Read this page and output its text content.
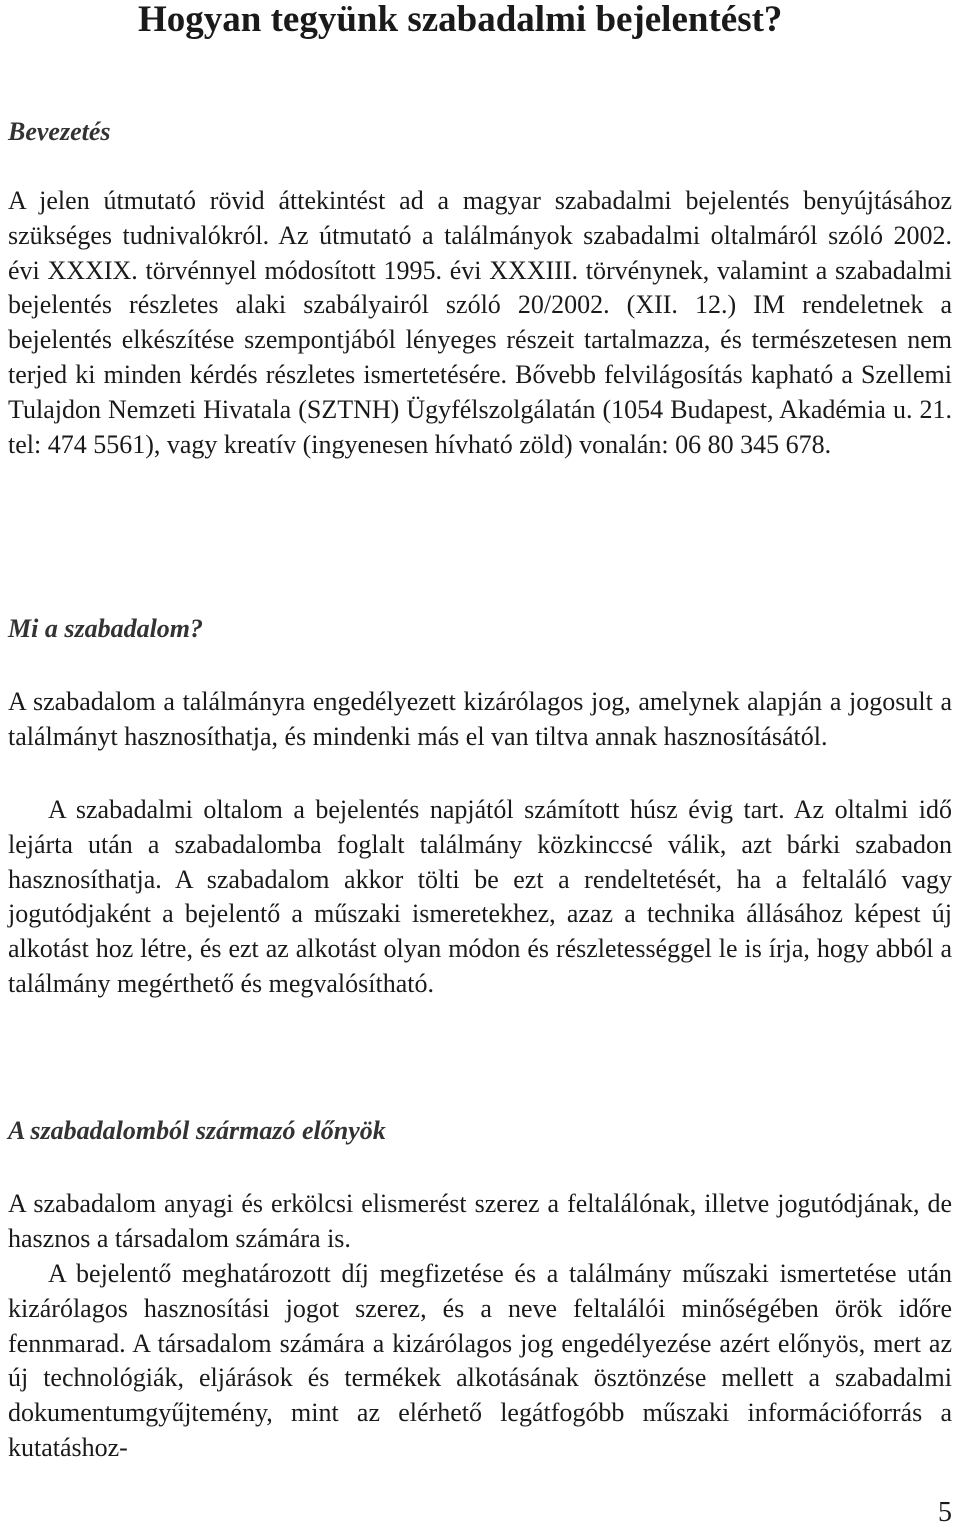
Hogyan tegyünk szabadalmi bejelentést?
Bevezetés

A jelen útmutató rövid áttekintést ad a magyar szabadalmi bejelentés benyújtásához szükséges tudnivalókról. Az útmutató a találmányok szabadalmi oltalmáról szóló 2002. évi XXXIX. törvénnyel módosított 1995. évi XXXIII. törvénynek, valamint a szabadalmi bejelentés részletes alaki szabályairól szóló 20/2002. (XII. 12.) IM rendeletnek a bejelentés elkészítése szempontjából lényeges részeit tartalmazza, és természetesen nem terjed ki minden kérdés részletes ismertetésére. Bővebb felvilágosítás kapható a Szellemi Tulajdon Nemzeti Hivatala (SZTNH) Ügyfélszolgálatán (1054 Budapest, Akadémia u. 21. tel: 474 5561), vagy kreatív (ingyenesen hívható zöld) vonalán: 06 80 345 678.

Mi a szabadalom?

A szabadalom a találmányra engedélyezett kizárólagos jog, amelynek alapján a jogosult a találmányt hasznosíthatja, és mindenki más el van tiltva annak hasznosításától.

A szabadalmi oltalom a bejelentés napjától számított húsz évig tart. Az oltalmi idő lejárta után a szabadalomba foglalt találmány közkinccsé válik, azt bárki szabadon hasznosíthatja. A szabadalom akkor tölti be ezt a rendeltetését, ha a feltaláló vagy jogutódjaként a bejelentő a műszaki ismeretekhez, azaz a technika állásához képest új alkotást hoz létre, és ezt az alkotást olyan módon és részletességgel le is írja, hogy abból a találmány megérthető és megvalósítható.

A szabadalomból származó előnyök

A szabadalom anyagi és erkölcsi elismerést szerez a feltalálónak, illetve jogutódjának, de hasznos a társadalom számára is.

A bejelentő meghatározott díj megfizetése és a találmány műszaki ismertetése után kizárólagos hasznosítási jogot szerez, és a neve feltalálói minőségében örök időre fennmarad. A társadalom számára a kizárólagos jog engedélyezése azért előnyös, mert az új technológiák, eljárások és termékek alkotásának ösztönzése mellett a szabadalmi dokumentumgyűjtemény, mint az elérhető legátfogóbb műszaki információforrás a kutatáshoz-

5
